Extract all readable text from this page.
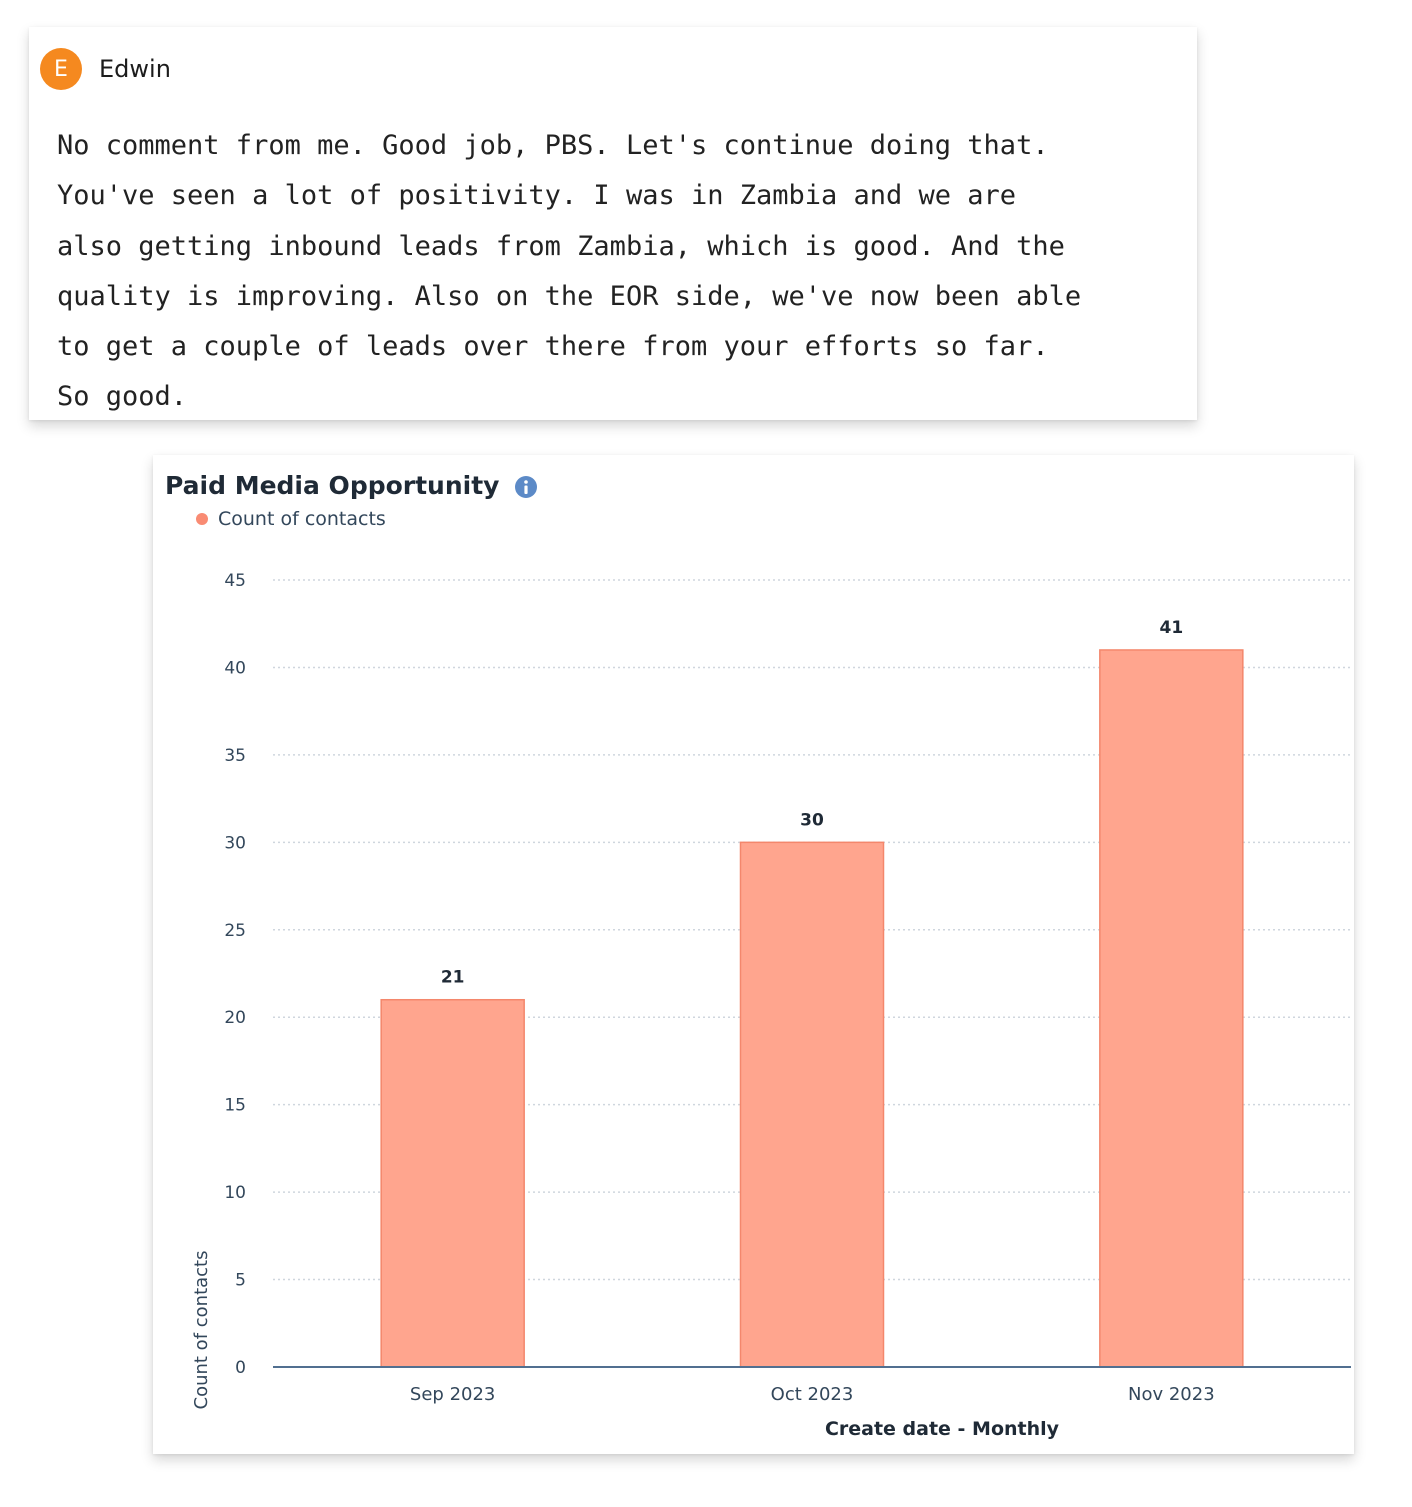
E	Edwin

No comment from me. Good job, PBS. Let's continue doing that.
You've seen a lot of positivity. I was in Zambia and we are
also getting inbound leads from Zambia, which is good. And the
quality is improving. Also on the EOR side, we've now been able
to get a couple of leads over there from your efforts so far.
So good.

Paid Media Opportunity
Count of contacts
0
5
10
15
20
25
30
35
40
45
21
Sep 2023
30
Oct 2023
41
Nov 2023
Count of contacts
Create date - Monthly
